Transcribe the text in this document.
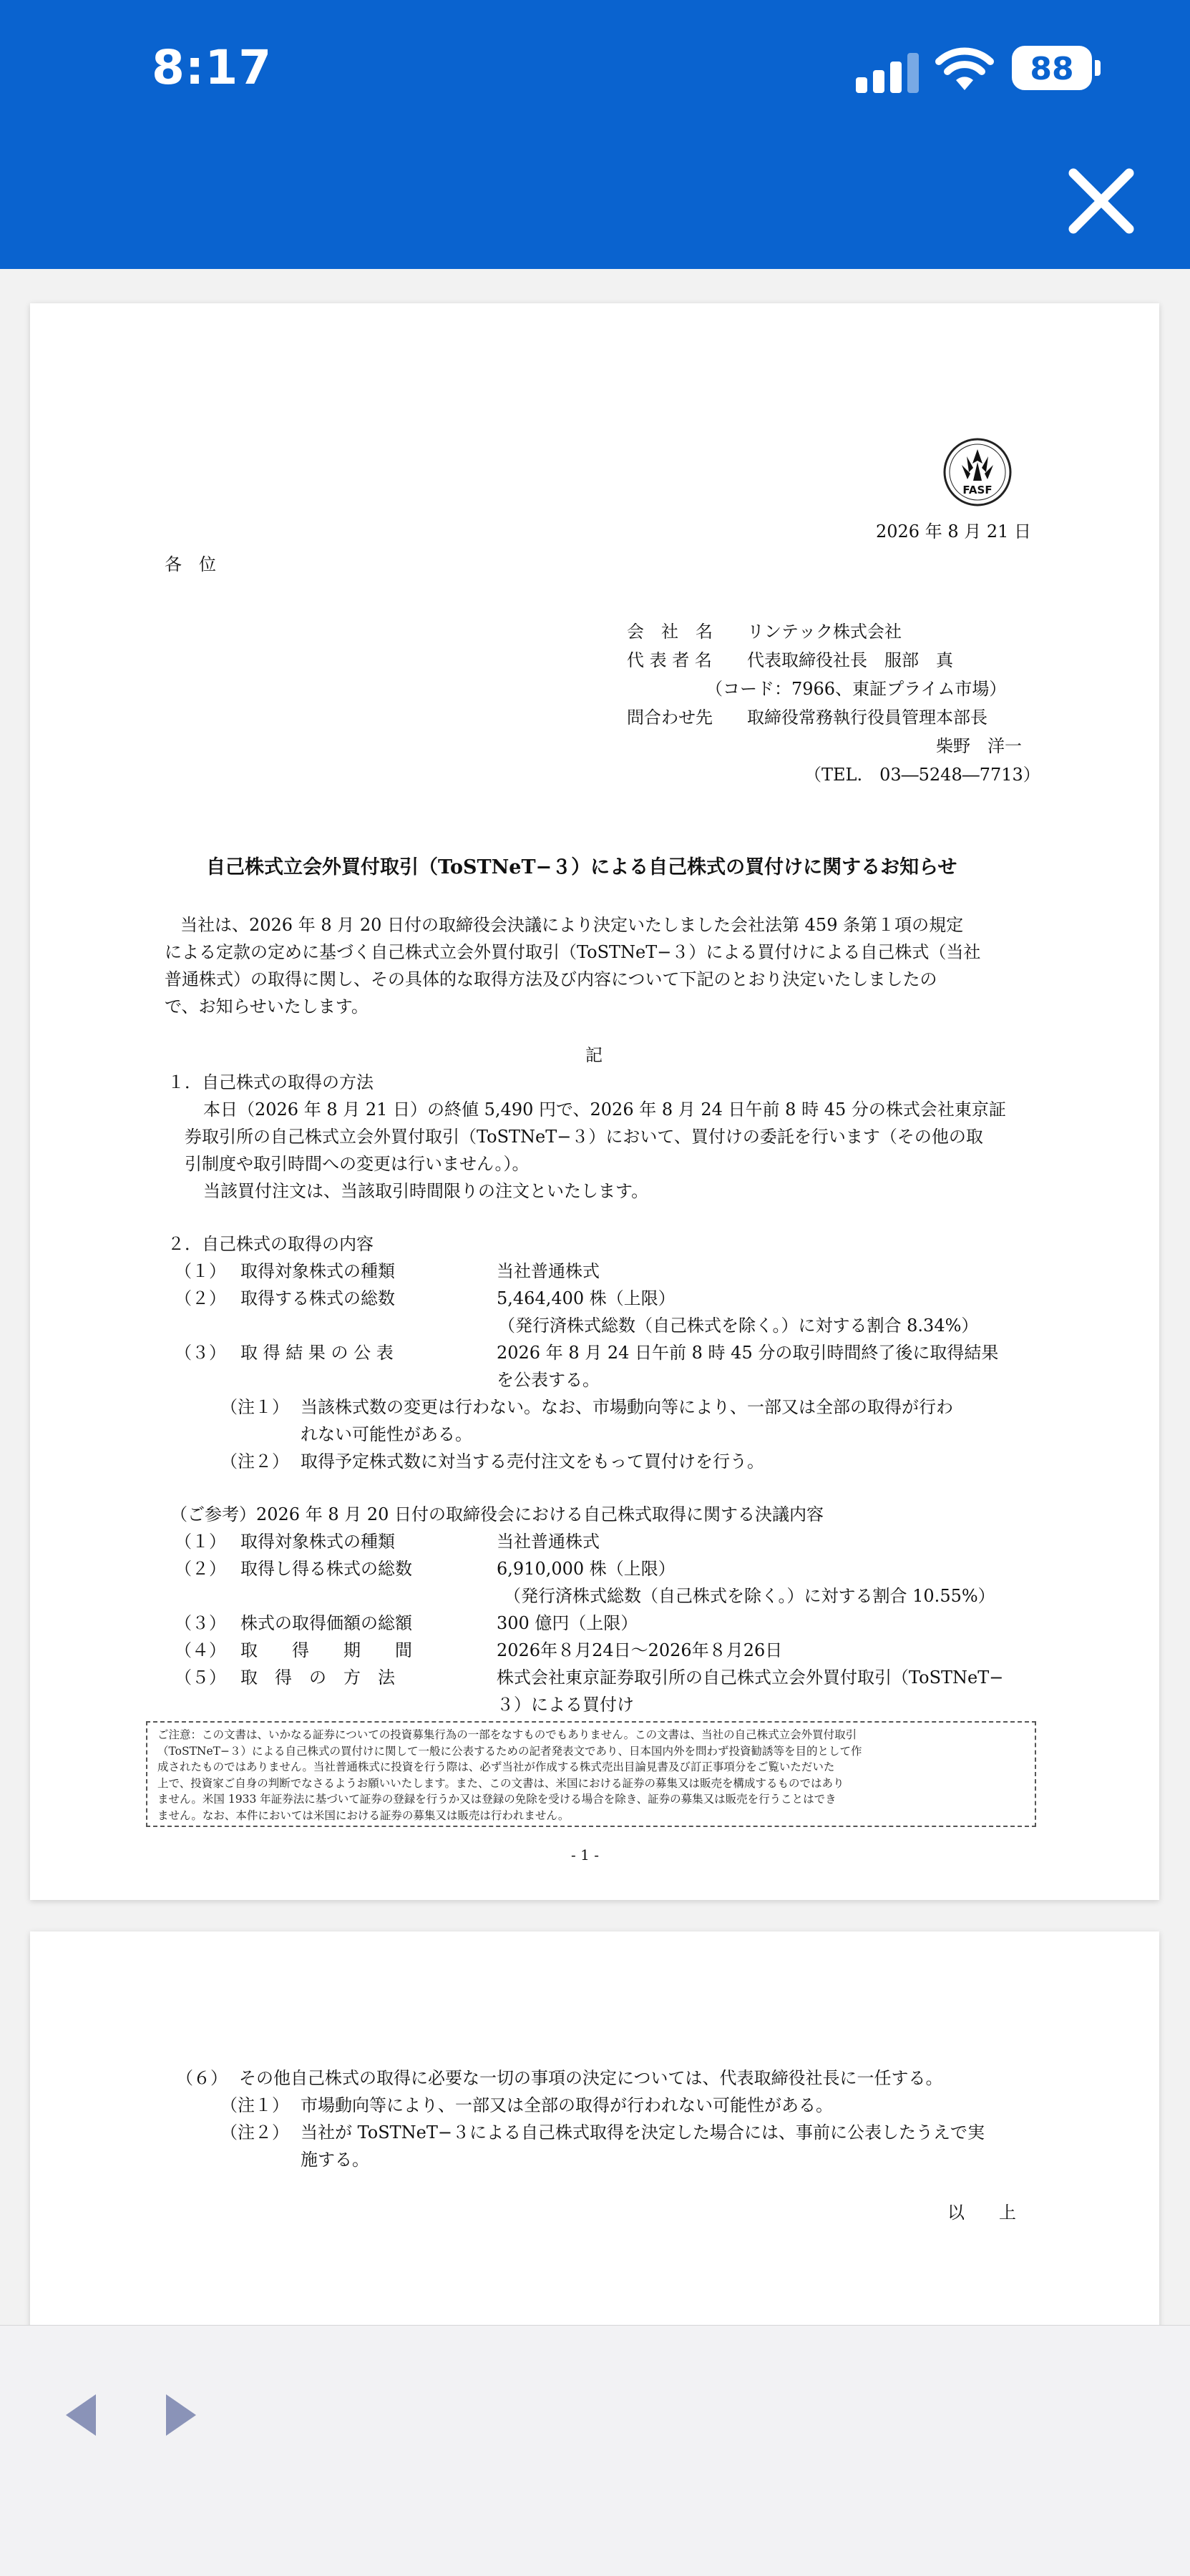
8:17	88
FASF
2026 年 8 月 21 日
各　位
会　社　名 リンテック株式会社
代 表 者 名 代表取締役社長　服部　真
（コード：7966、東証プライム市場）
問合わせ先 取締役常務執行役員管理本部長
柴野　洋一
（TEL.　03―5248―7713）
自己株式立会外買付取引（ToSTNeT−３）による自己株式の買付けに関するお知らせ
当社は、2026 年 8 月 20 日付の取締役会決議により決定いたしました会社法第 459 条第１項の規定
による定款の定めに基づく自己株式立会外買付取引（ToSTNeT−３）による買付けによる自己株式（当社
普通株式）の取得に関し、その具体的な取得方法及び内容について下記のとおり決定いたしましたの
で、お知らせいたします。
記
１．自己株式の取得の方法
本日（2026 年 8 月 21 日）の終値 5,490 円で、2026 年 8 月 24 日午前 8 時 45 分の株式会社東京証
券取引所の自己株式立会外買付取引（ToSTNeT−３）において、買付けの委託を行います（その他の取
引制度や取引時間への変更は行いません。）。
当該買付注文は、当該取引時間限りの注文といたします。
２．自己株式の取得の内容
（１） 取得対象株式の種類	当社普通株式
（２） 取得する株式の総数	5,464,400 株（上限）
（発行済株式総数（自己株式を除く。）に対する割合 8.34%）
（３） 取 得 結 果 の 公 表	2026 年 8 月 24 日午前 8 時 45 分の取引時間終了後に取得結果
を公表する。
（注１） 当該株式数の変更は行わない。なお、市場動向等により、一部又は全部の取得が行わ
れない可能性がある。
（注２） 取得予定株式数に対当する売付注文をもって買付けを行う。
（ご参考）2026 年 8 月 20 日付の取締役会における自己株式取得に関する決議内容
（１） 取得対象株式の種類	当社普通株式
（２） 取得し得る株式の総数	6,910,000 株（上限）
（発行済株式総数（自己株式を除く。）に対する割合 10.55%）
（３） 株式の取得価額の総額	300 億円（上限）
（４） 取　　得　　期　　間	2026年８月24日～2026年８月26日
（５） 取　得　の　方　法	株式会社東京証券取引所の自己株式立会外買付取引（ToSTNeT−
３）による買付け
ご注意：この文書は、いかなる証券についての投資募集行為の一部をなすものでもありません。この文書は、当社の自己株式立会外買付取引
（ToSTNeT−３）による自己株式の買付けに関して一般に公表するための記者発表文であり、日本国内外を問わず投資勧誘等を目的として作
成されたものではありません。当社普通株式に投資を行う際は、必ず当社が作成する株式売出目論見書及び訂正事項分をご覧いただいた
上で、投資家ご自身の判断でなさるようお願いいたします。また、この文書は、米国における証券の募集又は販売を構成するものではあり
ません。米国 1933 年証券法に基づいて証券の登録を行うか又は登録の免除を受ける場合を除き、証券の募集又は販売を行うことはでき
ません。なお、本件においては米国における証券の募集又は販売は行われません。
- 1 -
（６） その他自己株式の取得に必要な一切の事項の決定については、代表取締役社長に一任する。
（注１） 市場動向等により、一部又は全部の取得が行われない可能性がある。
（注２） 当社が ToSTNeT−３による自己株式取得を決定した場合には、事前に公表したうえで実
施する。
以　　上
